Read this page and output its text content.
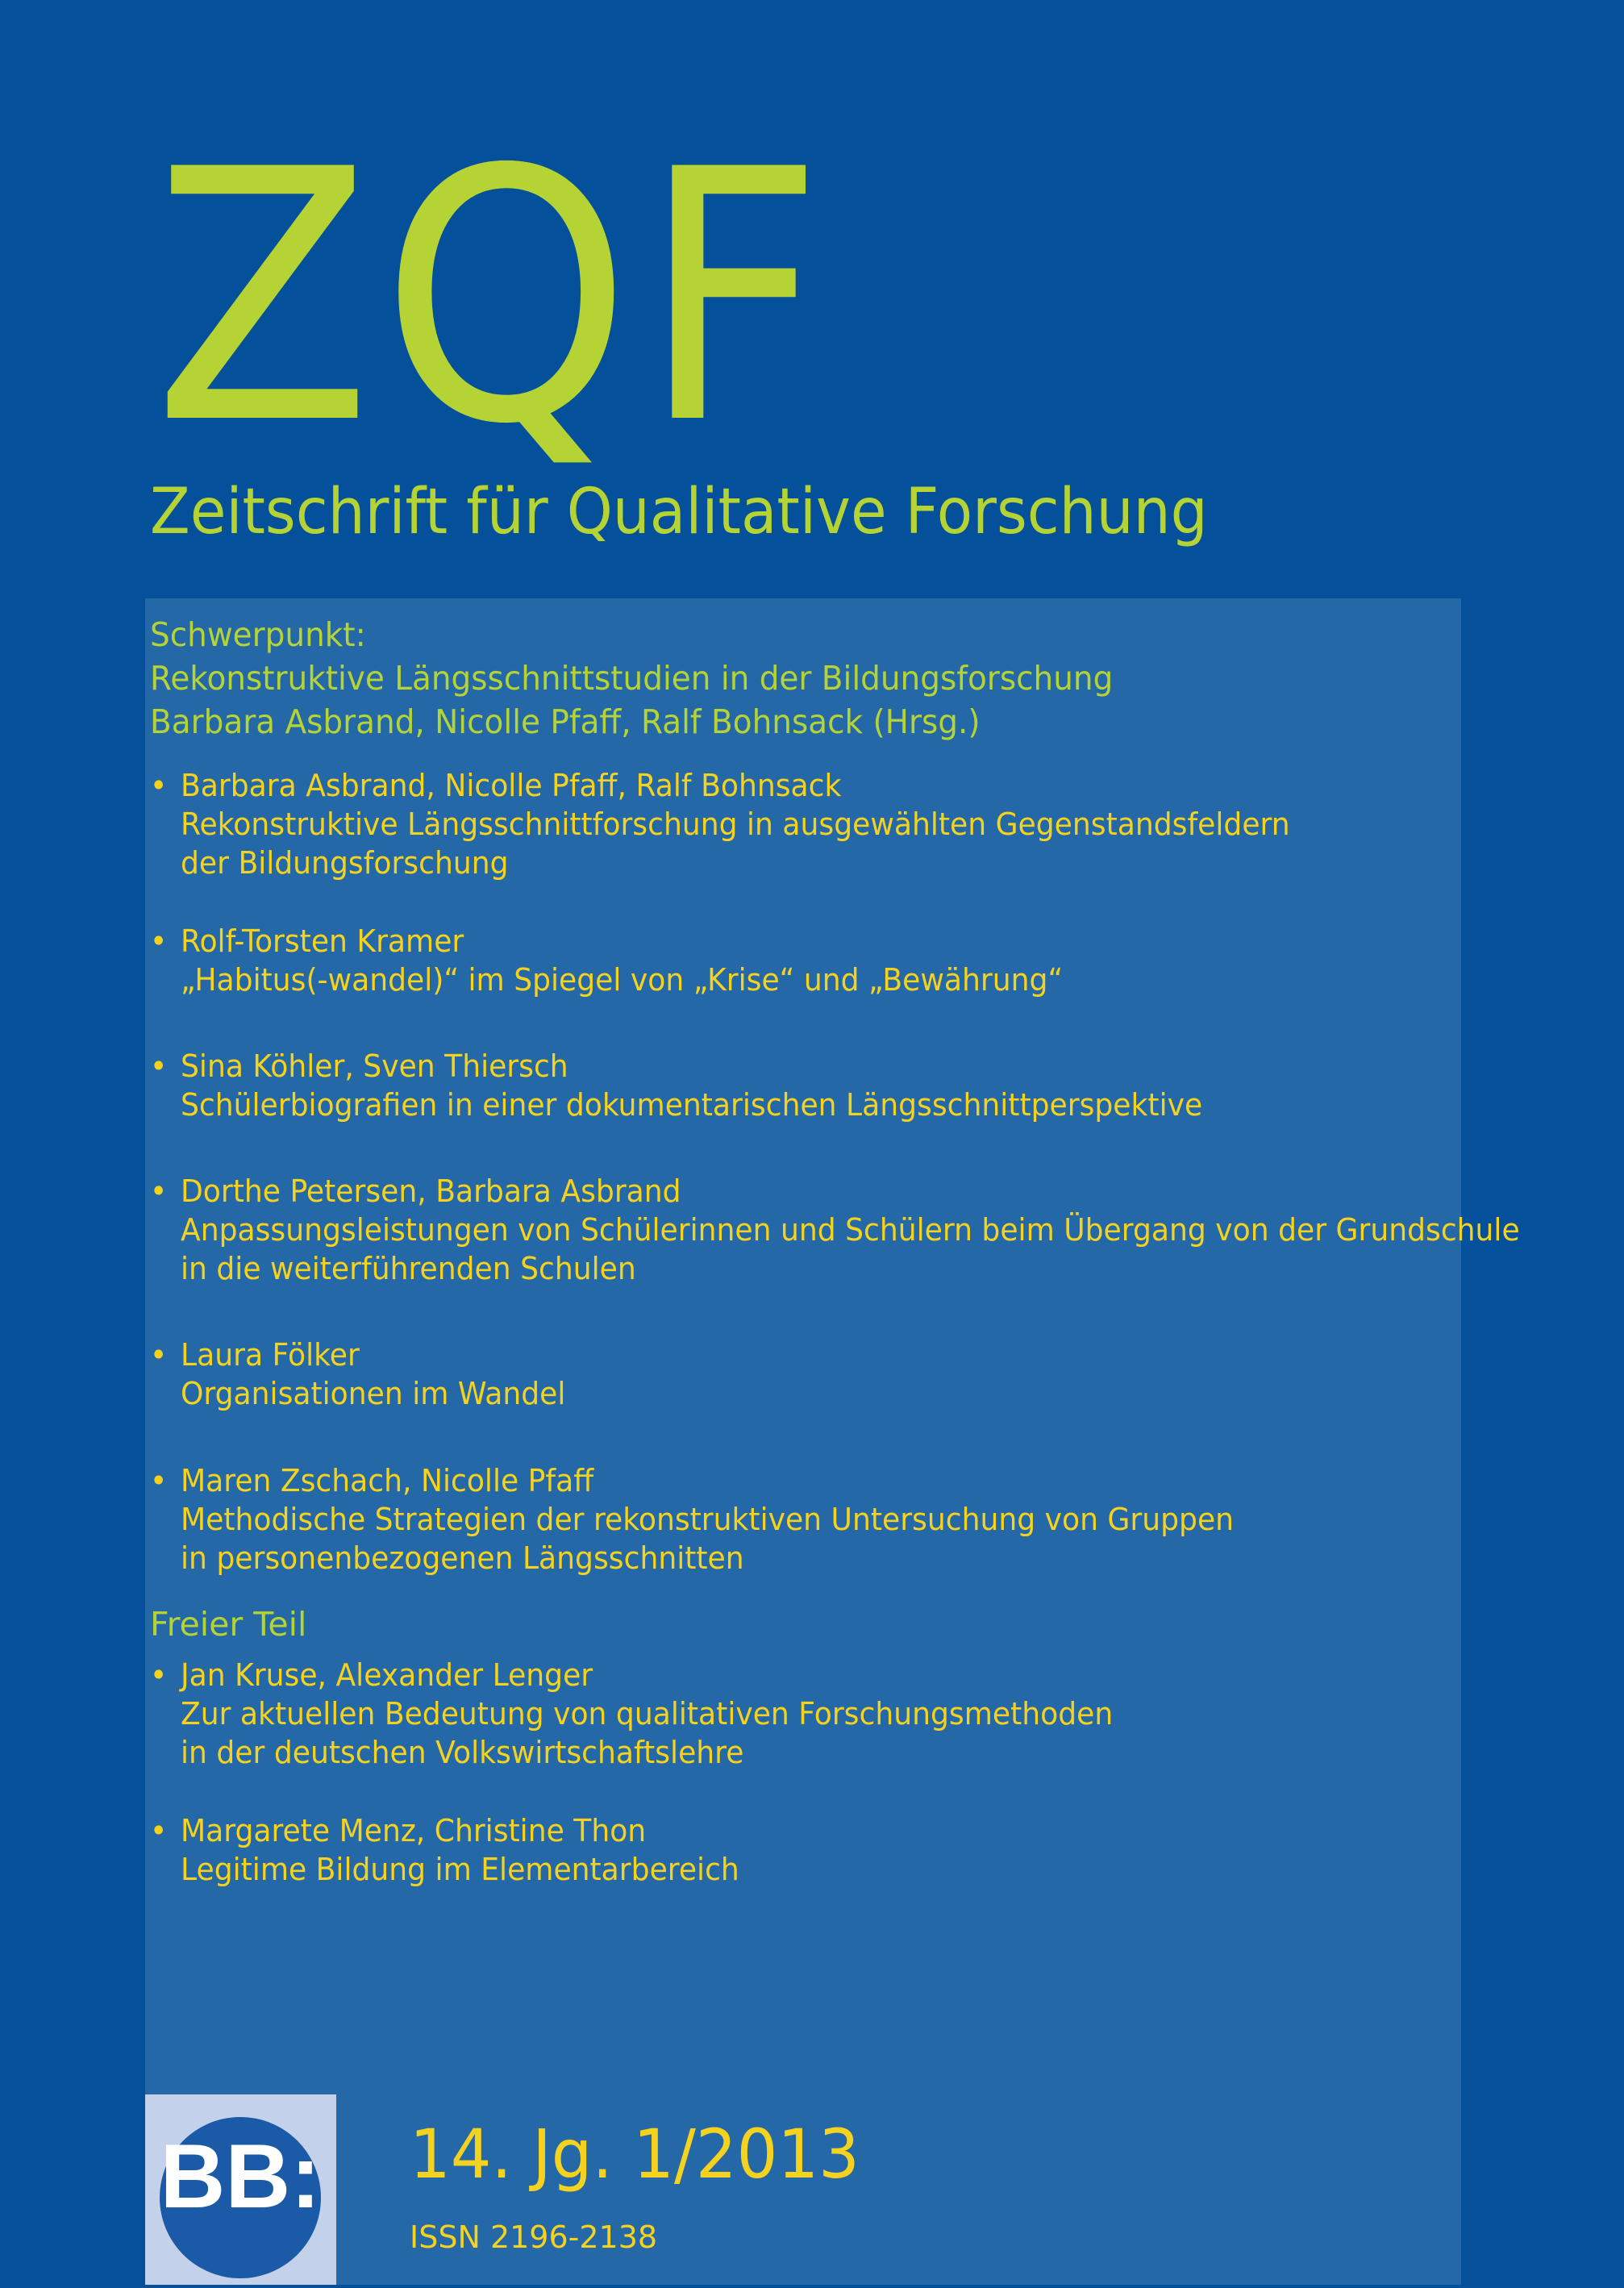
ZQF
Zeitschrift für Qualitative Forschung
Schwerpunkt:
Rekonstruktive Längsschnittstudien in der Bildungsforschung
Barbara Asbrand, Nicolle Pfaff, Ralf Bohnsack (Hrsg.)
• Barbara Asbrand, Nicolle Pfaff, Ralf Bohnsack
Rekonstruktive Längsschnittforschung in ausgewählten Gegenstandsfeldern
der Bildungsforschung
• Rolf-Torsten Kramer
„Habitus(-wandel)“ im Spiegel von „Krise“ und „Bewährung“
• Sina Köhler, Sven Thiersch
Schülerbiografien in einer dokumentarischen Längsschnittperspektive
• Dorthe Petersen, Barbara Asbrand
Anpassungsleistungen von Schülerinnen und Schülern beim Übergang von der Grundschule
in die weiterführenden Schulen
• Laura Fölker
Organisationen im Wandel
• Maren Zschach, Nicolle Pfaff
Methodische Strategien der rekonstruktiven Untersuchung von Gruppen
in personenbezogenen Längsschnitten
Freier Teil
• Jan Kruse, Alexander Lenger
Zur aktuellen Bedeutung von qualitativen Forschungsmethoden
in der deutschen Volkswirtschaftslehre
• Margarete Menz, Christine Thon
Legitime Bildung im Elementarbereich
BB: 14. Jg. 1/2013
ISSN 2196-2138
